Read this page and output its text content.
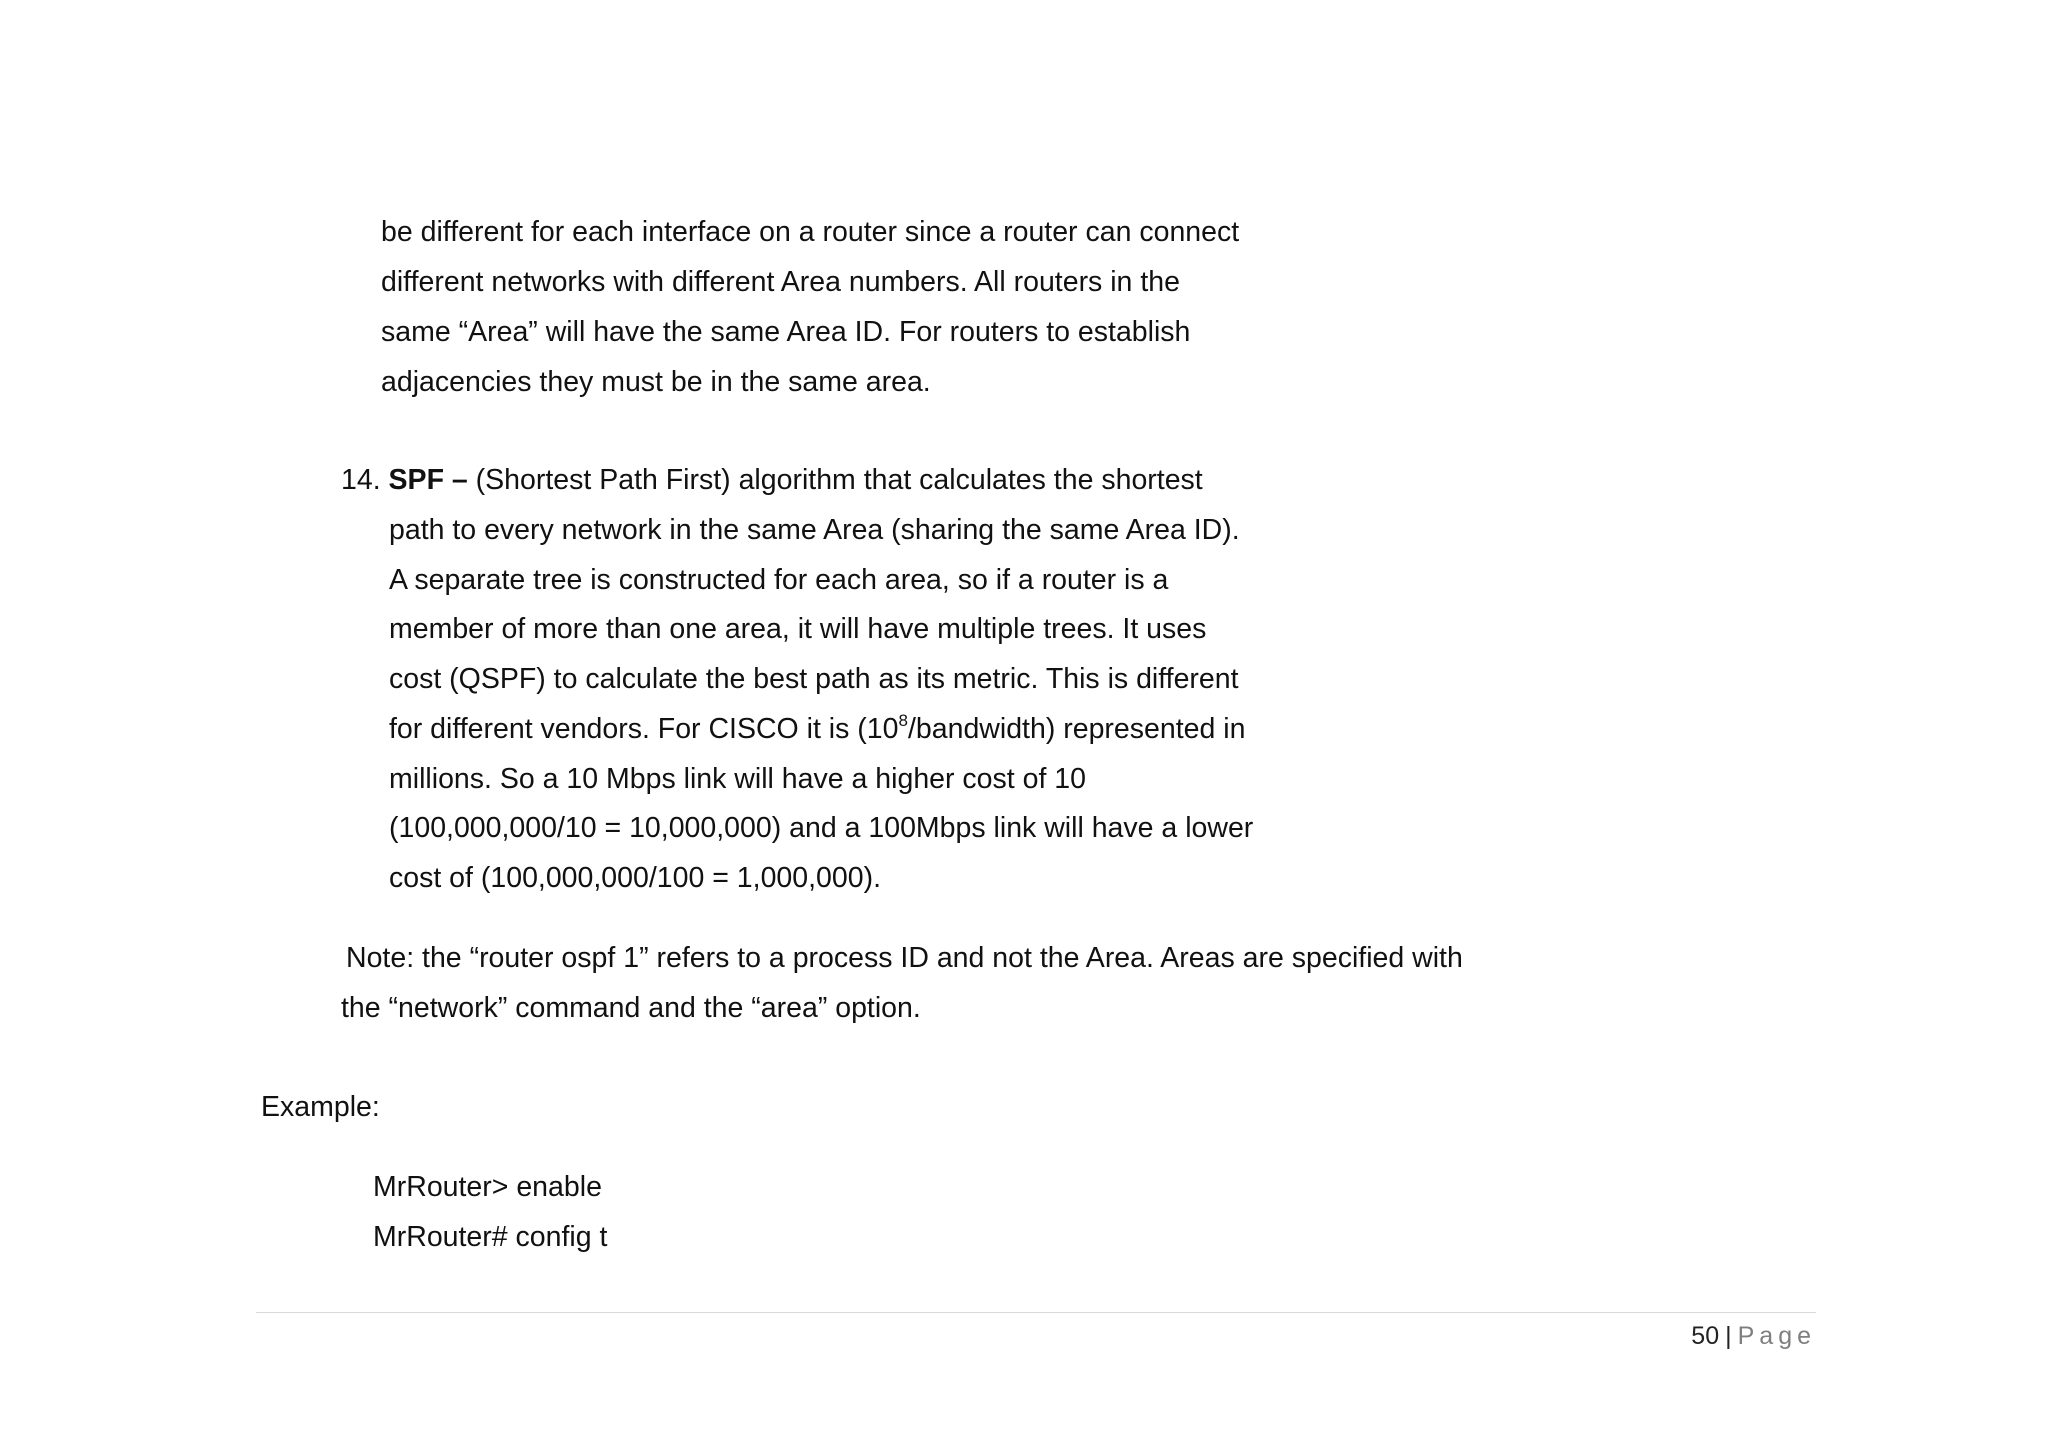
be different for each interface on a router since a router can connect

different networks with different Area numbers. All routers in the

same “Area” will have the same Area ID. For routers to establish

adjacencies they must be in the same area.

14. SPF – (Shortest Path First) algorithm that calculates the shortest

path to every network in the same Area (sharing the same Area ID).

A separate tree is constructed for each area, so if a router is a

member of more than one area, it will have multiple trees. It uses

cost (QSPF) to calculate the best path as its metric. This is different

for different vendors. For CISCO it is $(10^8/bandwidth)$ represented in

millions. So a 10 Mbps link will have a higher cost of 10

(100,000,000/10 = 10,000,000) and a 100Mbps link will have a lower

cost of (100,000,000/100 = 1,000,000).

Note: the “router ospf 1” refers to a process ID and not the Area. Areas are specified with

the “network” command and the “area” option.

Example:

MrRouter> enable

MrRouter# config t

50 | Page
